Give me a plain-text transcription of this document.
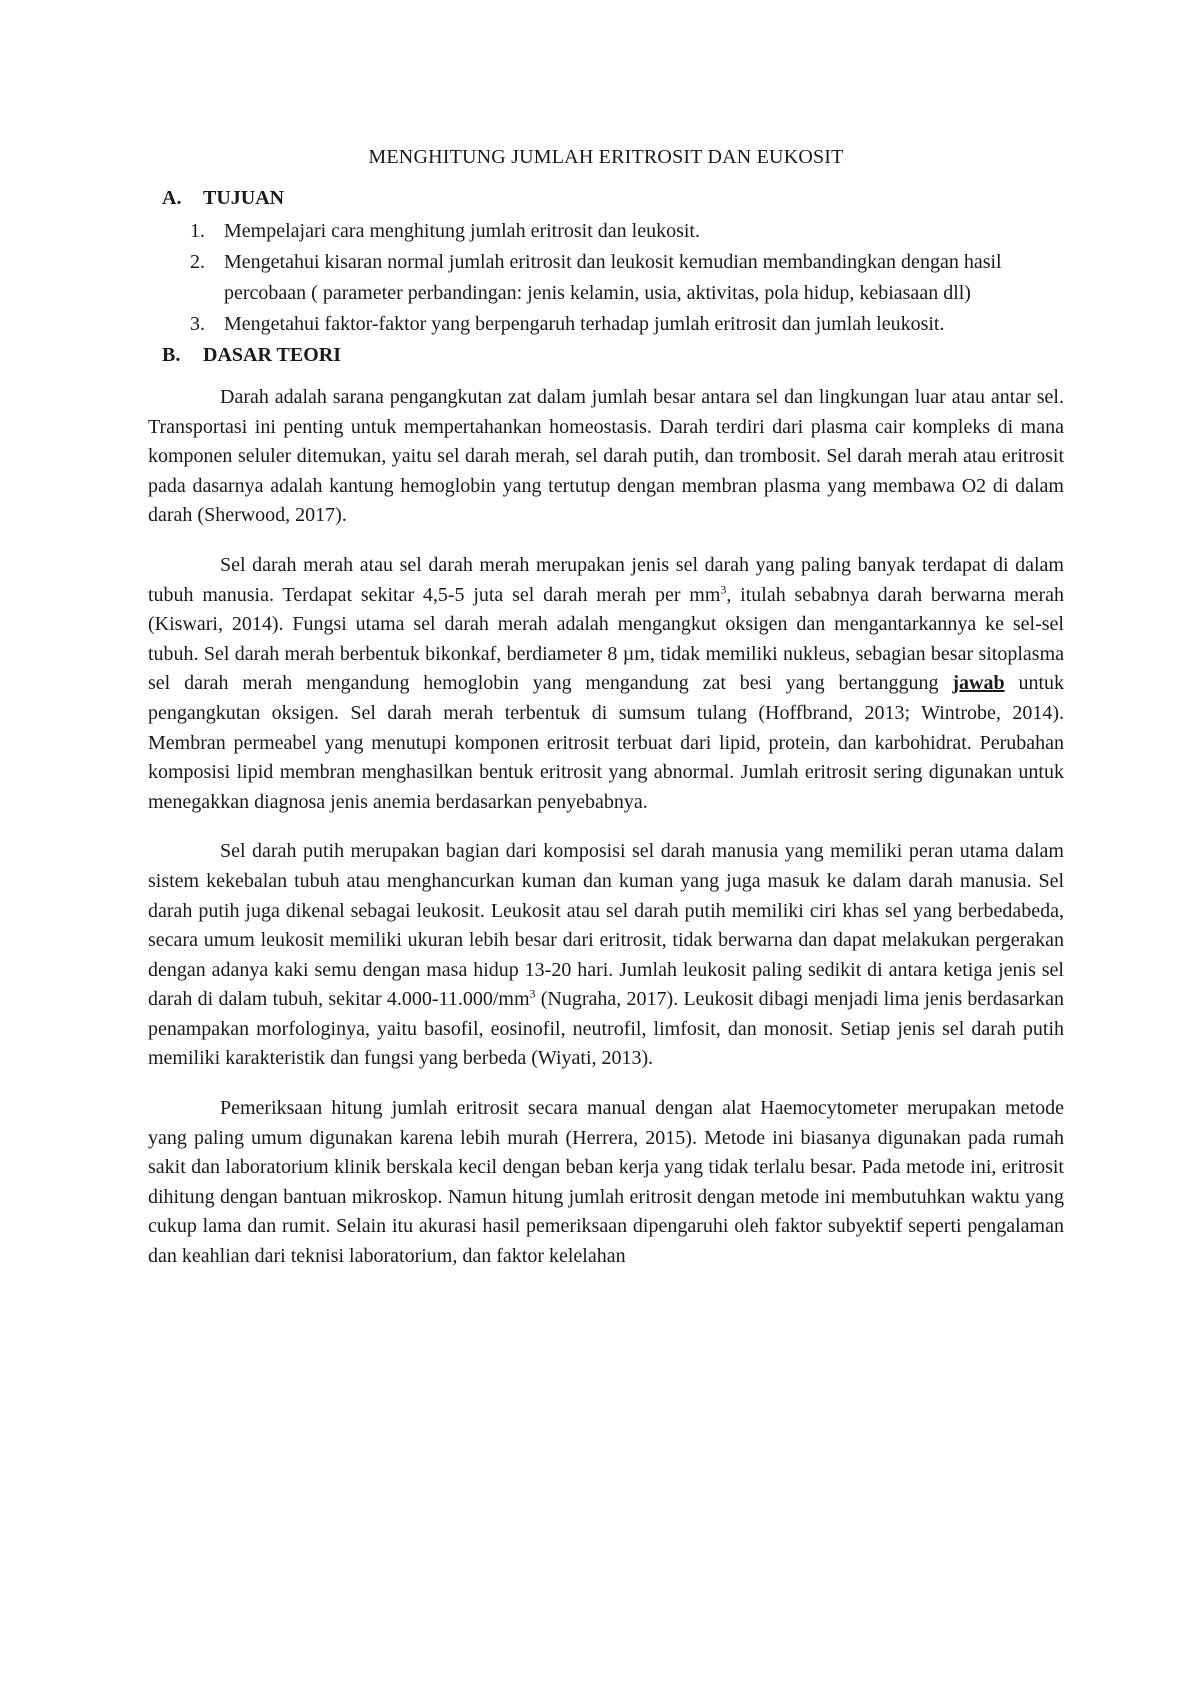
MENGHITUNG JUMLAH ERITROSIT DAN EUKOSIT
A.	TUJUAN
1. Mempelajari cara menghitung jumlah eritrosit dan leukosit.
2. Mengetahui kisaran normal jumlah eritrosit dan leukosit kemudian membandingkan dengan hasil percobaan ( parameter perbandingan: jenis kelamin, usia, aktivitas, pola hidup, kebiasaan dll)
3. Mengetahui faktor-faktor yang berpengaruh terhadap jumlah eritrosit dan jumlah leukosit.
B.	DASAR TEORI

Darah adalah sarana pengangkutan zat dalam jumlah besar antara sel dan lingkungan luar atau antar sel. Transportasi ini penting untuk mempertahankan homeostasis. Darah terdiri dari plasma cair kompleks di mana komponen seluler ditemukan, yaitu sel darah merah, sel darah putih, dan trombosit. Sel darah merah atau eritrosit pada dasarnya adalah kantung hemoglobin yang tertutup dengan membran plasma yang membawa O2 di dalam darah (Sherwood, 2017).

Sel darah merah atau sel darah merah merupakan jenis sel darah yang paling banyak terdapat di dalam tubuh manusia. Terdapat sekitar 4,5-5 juta sel darah merah per $mm^3$, itulah sebabnya darah berwarna merah (Kiswari, 2014). Fungsi utama sel darah merah adalah mengangkut oksigen dan mengantarkannya ke sel-sel tubuh. Sel darah merah berbentuk bikonkaf, berdiameter 8 µm, tidak memiliki nukleus, sebagian besar sitoplasma sel darah merah mengandung hemoglobin yang mengandung zat besi yang bertanggung jawab untuk pengangkutan oksigen. Sel darah merah terbentuk di sumsum tulang (Hoffbrand, 2013; Wintrobe, 2014). Membran permeabel yang menutupi komponen eritrosit terbuat dari lipid, protein, dan karbohidrat. Perubahan komposisi lipid membran menghasilkan bentuk eritrosit yang abnormal. Jumlah eritrosit sering digunakan untuk menegakkan diagnosa jenis anemia berdasarkan penyebabnya.

Sel darah putih merupakan bagian dari komposisi sel darah manusia yang memiliki peran utama dalam sistem kekebalan tubuh atau menghancurkan kuman dan kuman yang juga masuk ke dalam darah manusia. Sel darah putih juga dikenal sebagai leukosit. Leukosit atau sel darah putih memiliki ciri khas sel yang berbedabeda, secara umum leukosit memiliki ukuran lebih besar dari eritrosit, tidak berwarna dan dapat melakukan pergerakan dengan adanya kaki semu dengan masa hidup 13-20 hari. Jumlah leukosit paling sedikit di antara ketiga jenis sel darah di dalam tubuh, sekitar $4.000-11.000/mm^3$ (Nugraha, 2017). Leukosit dibagi menjadi lima jenis berdasarkan penampakan morfologinya, yaitu basofil, eosinofil, neutrofil, limfosit, dan monosit. Setiap jenis sel darah putih memiliki karakteristik dan fungsi yang berbeda (Wiyati, 2013).

Pemeriksaan hitung jumlah eritrosit secara manual dengan alat Haemocytometer merupakan metode yang paling umum digunakan karena lebih murah (Herrera, 2015). Metode ini biasanya digunakan pada rumah sakit dan laboratorium klinik berskala kecil dengan beban kerja yang tidak terlalu besar. Pada metode ini, eritrosit dihitung dengan bantuan mikroskop. Namun hitung jumlah eritrosit dengan metode ini membutuhkan waktu yang cukup lama dan rumit. Selain itu akurasi hasil pemeriksaan dipengaruhi oleh faktor subyektif seperti pengalaman dan keahlian dari teknisi laboratorium, dan faktor kelelahan
